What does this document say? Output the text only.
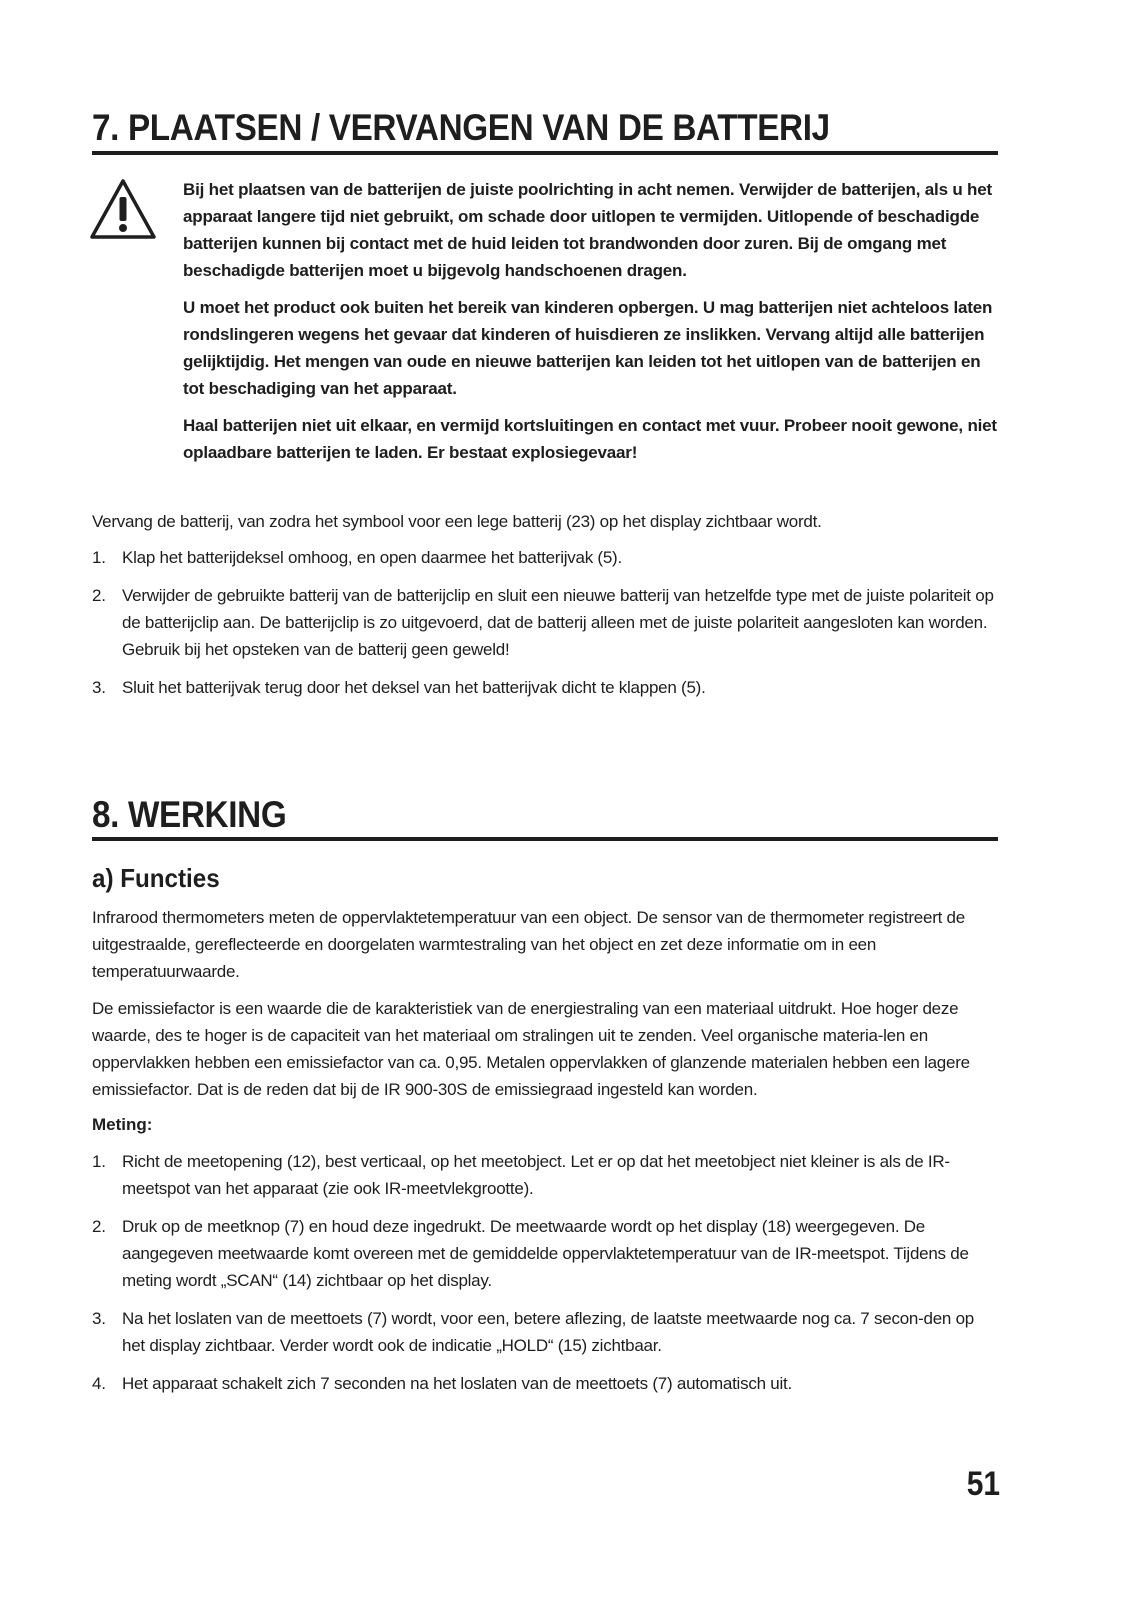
7. PLAATSEN / VERVANGEN VAN DE BATTERIJ

Bij het plaatsen van de batterijen de juiste poolrichting in acht nemen. Verwijder de batterijen, als u het apparaat langere tijd niet gebruikt, om schade door uitlopen te vermijden. Uitlopende of beschadigde batterijen kunnen bij contact met de huid leiden tot brandwonden door zuren. Bij de omgang met beschadigde batterijen moet u bijgevolg handschoenen dragen.

U moet het product ook buiten het bereik van kinderen opbergen. U mag batterijen niet achteloos laten rondslingeren wegens het gevaar dat kinderen of huisdieren ze inslikken. Vervang altijd alle batterijen gelijktijdig. Het mengen van oude en nieuwe batterijen kan leiden tot het uitlopen van de batterijen en tot beschadiging van het apparaat.

Haal batterijen niet uit elkaar, en vermijd kortsluitingen en contact met vuur. Probeer nooit gewone, niet oplaadbare batterijen te laden. Er bestaat explosiegevaar!

Vervang de batterij, van zodra het symbool voor een lege batterij (23) op het display zichtbaar wordt.

1. Klap het batterijdeksel omhoog, en open daarmee het batterijvak (5).
2. Verwijder de gebruikte batterij van de batterijclip en sluit een nieuwe batterij van hetzelfde type met de juiste polariteit op de batterijclip aan. De batterijclip is zo uitgevoerd, dat de batterij alleen met de juiste polariteit aangesloten kan worden. Gebruik bij het opsteken van de batterij geen geweld!
3. Sluit het batterijvak terug door het deksel van het batterijvak dicht te klappen (5).
8. WERKING
a) Functies

Infrarood thermometers meten de oppervlaktetemperatuur van een object. De sensor van de thermometer registreert de uitgestraalde, gereflecteerde en doorgelaten warmtestraling van het object en zet deze informatie om in een temperatuurwaarde.

De emissiefactor is een waarde die de karakteristiek van de energiestraling van een materiaal uitdrukt. Hoe hoger deze waarde, des te hoger is de capaciteit van het materiaal om stralingen uit te zenden. Veel organische materia-len en oppervlakken hebben een emissiefactor van ca. 0,95. Metalen oppervlakken of glanzende materialen hebben een lagere emissiefactor. Dat is de reden dat bij de IR 900-30S de emissiegraad ingesteld kan worden.

Meting:
1. Richt de meetopening (12), best verticaal, op het meetobject. Let er op dat het meetobject niet kleiner is als de IR-meetspot van het apparaat (zie ook IR-meetvlekgrootte).
2. Druk op de meetknop (7) en houd deze ingedrukt. De meetwaarde wordt op het display (18) weergegeven. De aangegeven meetwaarde komt overeen met de gemiddelde oppervlaktetemperatuur van de IR-meetspot. Tijdens de meting wordt „SCAN“ (14) zichtbaar op het display.
3. Na het loslaten van de meettoets (7) wordt, voor een, betere aflezing, de laatste meetwaarde nog ca. 7 secon-den op het display zichtbaar. Verder wordt ook de indicatie „HOLD“ (15) zichtbaar.
4. Het apparaat schakelt zich 7 seconden na het loslaten van de meettoets (7) automatisch uit.
51
